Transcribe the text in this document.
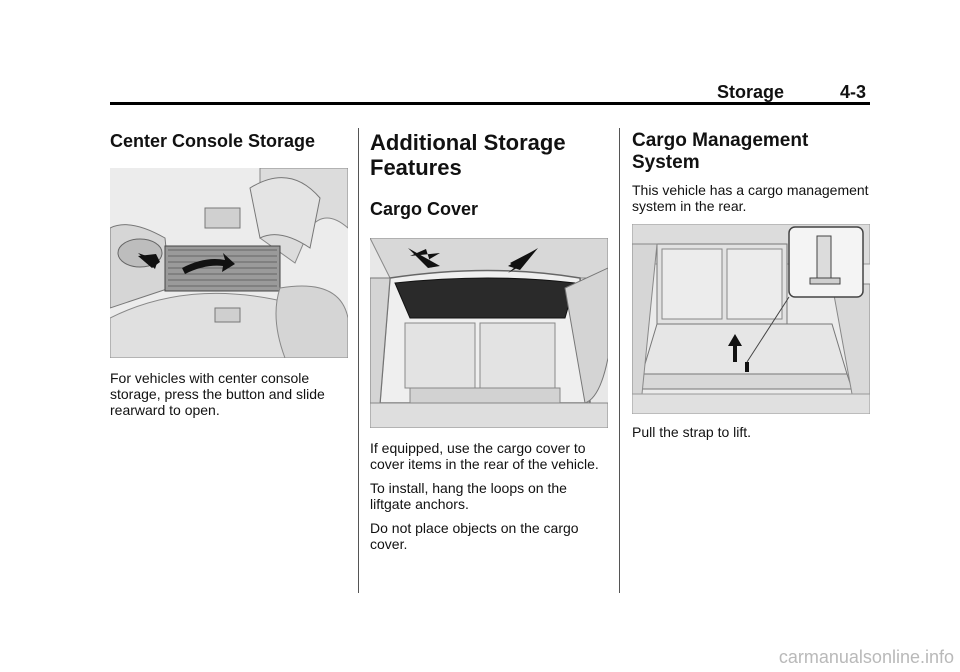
Storage	4-3
Center Console Storage

For vehicles with center console storage, press the button and slide rearward to open.

Additional Storage Features
Cargo Cover

If equipped, use the cargo cover to cover items in the rear of the vehicle.

To install, hang the loops on the liftgate anchors.

Do not place objects on the cargo cover.

Cargo Management System

This vehicle has a cargo management system in the rear.

Pull the strap to lift.

carmanualsonline.info
